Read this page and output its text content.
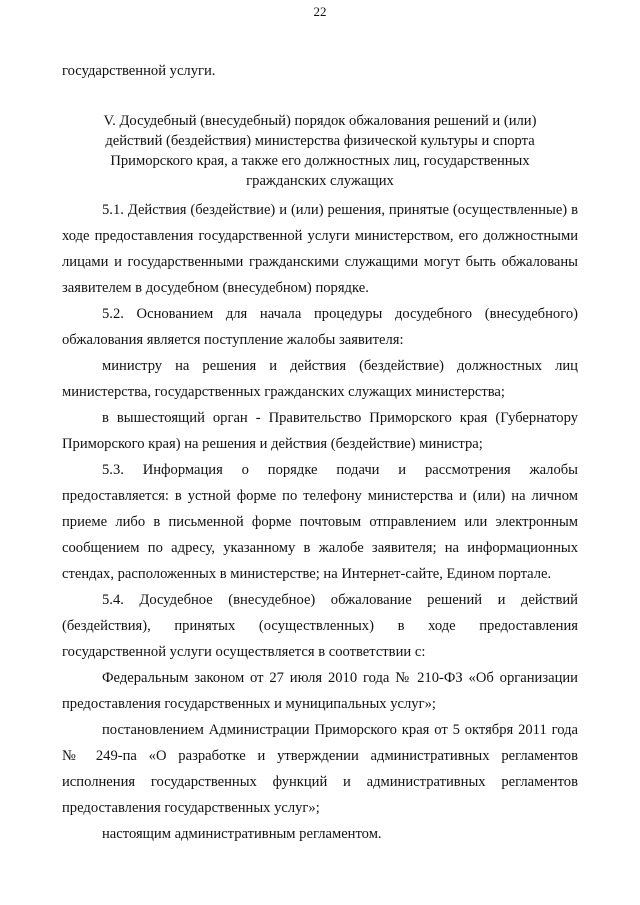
22
государственной услуги.
V. Досудебный (внесудебный) порядок обжалования решений и (или) действий (бездействия) министерства физической культуры и спорта Приморского края, а также его должностных лиц, государственных гражданских служащих

5.1. Действия (бездействие) и (или) решения, принятые (осуществленные) в ходе предоставления государственной услуги министерством, его должностными лицами и государственными гражданскими служащими могут быть обжалованы заявителем в досудебном (внесудебном) порядке.

5.2. Основанием для начала процедуры досудебного (внесудебного) обжалования является поступление жалобы заявителя:

министру на решения и действия (бездействие) должностных лиц министерства, государственных гражданских служащих министерства;

в вышестоящий орган - Правительство Приморского края (Губернатору Приморского края) на решения и действия (бездействие) министра;

5.3. Информация о порядке подачи и рассмотрения жалобы предоставляется: в устной форме по телефону министерства и (или) на личном приеме либо в письменной форме почтовым отправлением или электронным сообщением по адресу, указанному в жалобе заявителя; на информационных стендах, расположенных в министерстве; на Интернет-сайте, Едином портале.

5.4. Досудебное (внесудебное) обжалование решений и действий (бездействия), принятых (осуществленных) в ходе предоставления государственной услуги осуществляется в соответствии с:

Федеральным законом от 27 июля 2010 года № 210-ФЗ «Об организации предоставления государственных и муниципальных услуг»;

постановлением Администрации Приморского края от 5 октября 2011 года № 249-па «О разработке и утверждении административных регламентов исполнения государственных функций и административных регламентов предоставления государственных услуг»;

настоящим административным регламентом.
